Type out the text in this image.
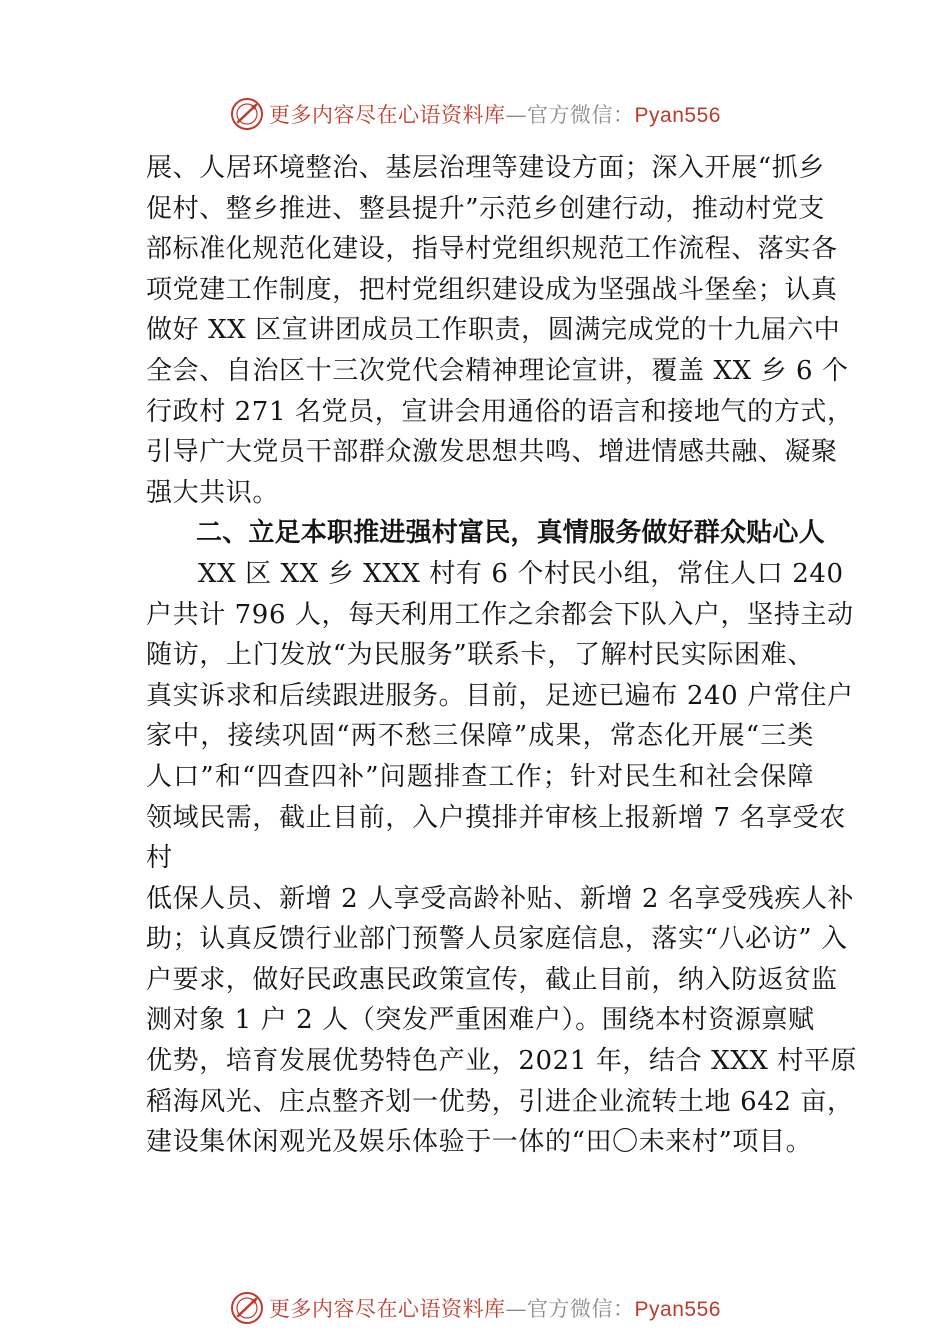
更多内容尽在心语资料库—官方微信：Pyan556
展、人居环境整治、基层治理等建设方面；深入开展“抓乡
促村、整乡推进、整县提升”示范乡创建行动，推动村党支
部标准化规范化建设，指导村党组织规范工作流程、落实各
项党建工作制度，把村党组织建设成为坚强战斗堡垒；认真
做好 XX 区宣讲团成员工作职责，圆满完成党的十九届六中
全会、自治区十三次党代会精神理论宣讲，覆盖 XX 乡 6 个
行政村 271 名党员，宣讲会用通俗的语言和接地气的方式，
引导广大党员干部群众激发思想共鸣、增进情感共融、凝聚
强大共识。
二、立足本职推进强村富民，真情服务做好群众贴心人
XX 区 XX 乡 XXX 村有 6 个村民小组，常住人口 240
户共计 796 人，每天利用工作之余都会下队入户，坚持主动
随访，上门发放“为民服务”联系卡，了解村民实际困难、
真实诉求和后续跟进服务。目前，足迹已遍布 240 户常住户
家中，接续巩固“两不愁三保障”成果，常态化开展“三类
人口”和“四查四补”问题排查工作；针对民生和社会保障
领域民需，截止目前，入户摸排并审核上报新增 7 名享受农
村
低保人员、新增 2 人享受高龄补贴、新增 2 名享受残疾人补
助；认真反馈行业部门预警人员家庭信息，落实“八必访” 入
户要求，做好民政惠民政策宣传，截止目前，纳入防返贫监
测对象 1 户 2 人（突发严重困难户）。围绕本村资源禀赋
优势，培育发展优势特色产业，2021 年，结合 XXX 村平原
稻海风光、庄点整齐划一优势，引进企业流转土地 642 亩，
建设集休闲观光及娱乐体验于一体的“田〇未来村”项目。
更多内容尽在心语资料库—官方微信：Pyan556
